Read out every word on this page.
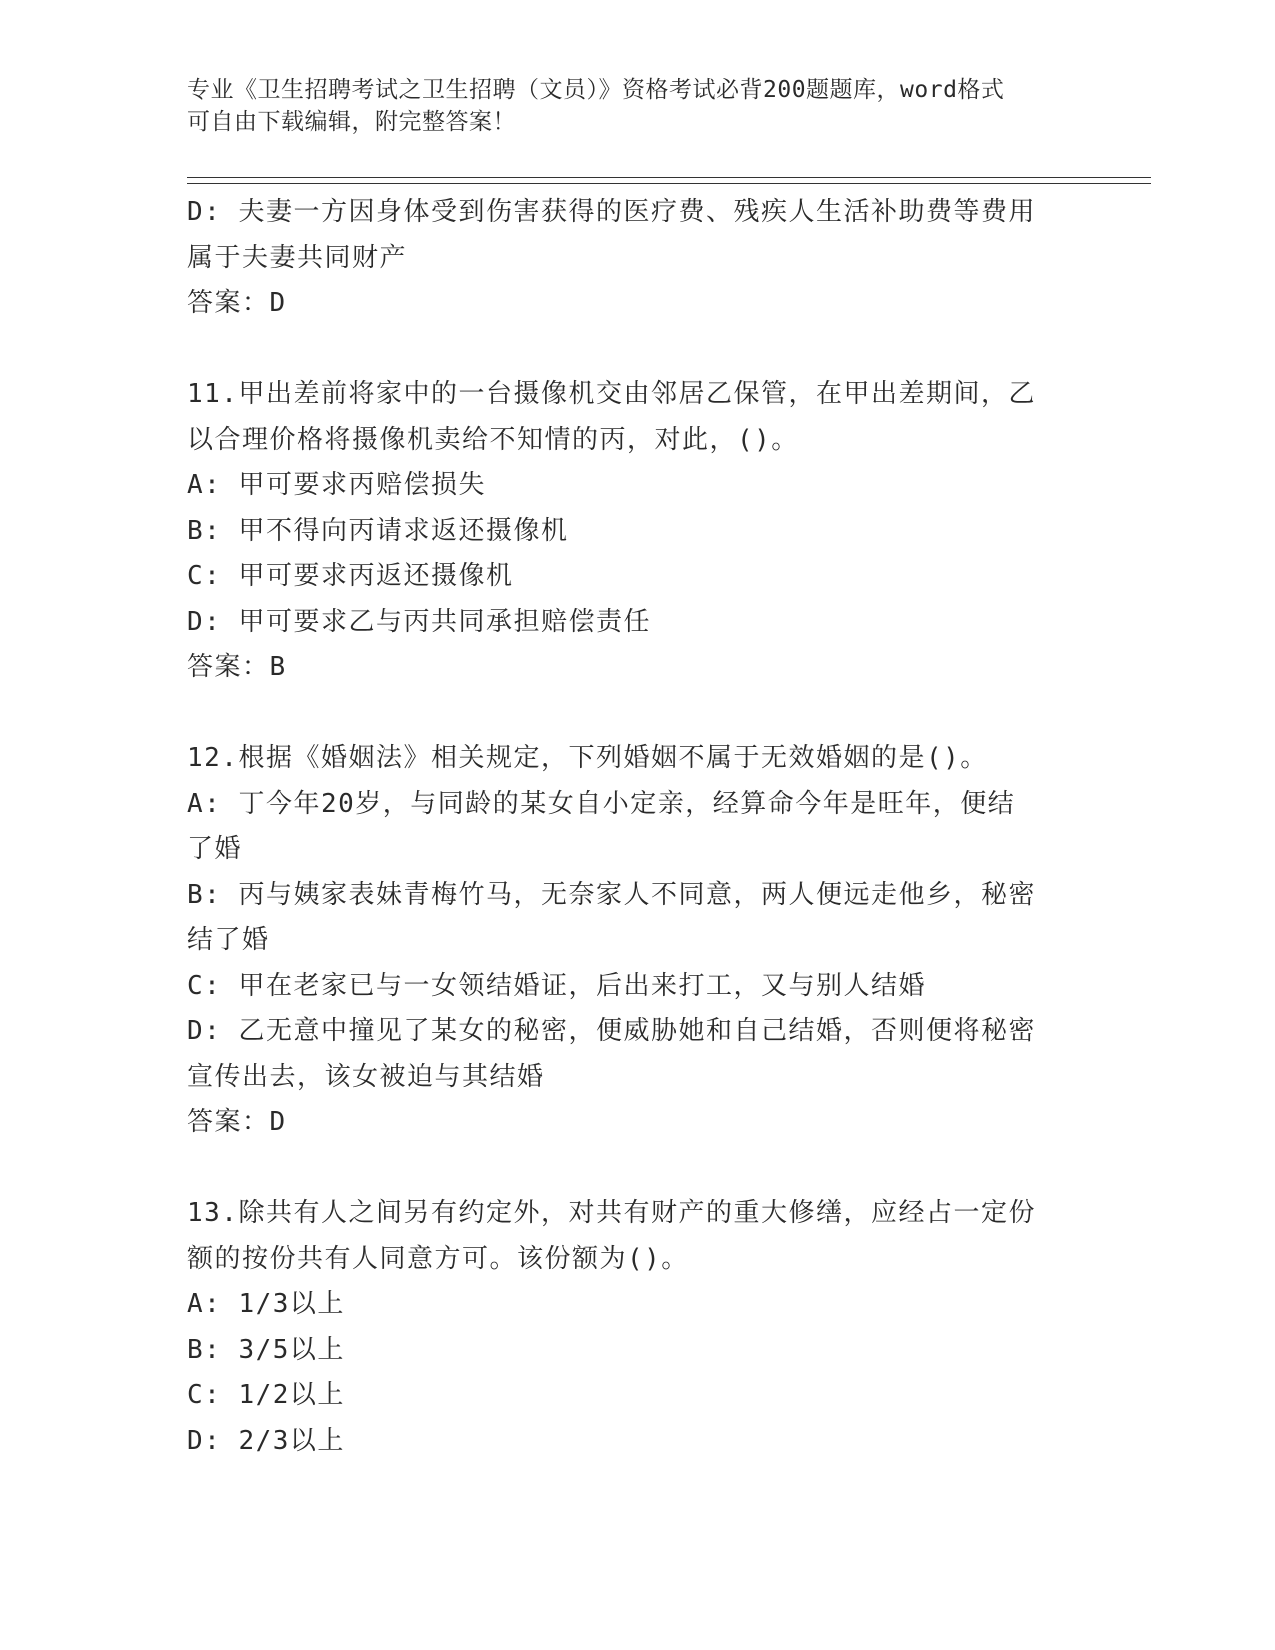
专业《卫生招聘考试之卫生招聘（文员）》资格考试必背200题题库，word格式
可自由下载编辑，附完整答案！
D: 夫妻一方因身体受到伤害获得的医疗费、残疾人生活补助费等费用
属于夫妻共同财产
答案：D
11.甲出差前将家中的一台摄像机交由邻居乙保管，在甲出差期间，乙
以合理价格将摄像机卖给不知情的丙，对此，()。
A: 甲可要求丙赔偿损失
B: 甲不得向丙请求返还摄像机
C: 甲可要求丙返还摄像机
D: 甲可要求乙与丙共同承担赔偿责任
答案：B
12.根据《婚姻法》相关规定，下列婚姻不属于无效婚姻的是()。
A: 丁今年20岁，与同龄的某女自小定亲，经算命今年是旺年，便结
了婚
B: 丙与姨家表妹青梅竹马，无奈家人不同意，两人便远走他乡，秘密
结了婚
C: 甲在老家已与一女领结婚证，后出来打工，又与别人结婚
D: 乙无意中撞见了某女的秘密，便威胁她和自己结婚，否则便将秘密
宣传出去，该女被迫与其结婚
答案：D
13.除共有人之间另有约定外，对共有财产的重大修缮，应经占一定份
额的按份共有人同意方可。该份额为()。
A: 1/3以上
B: 3/5以上
C: 1/2以上
D: 2/3以上
